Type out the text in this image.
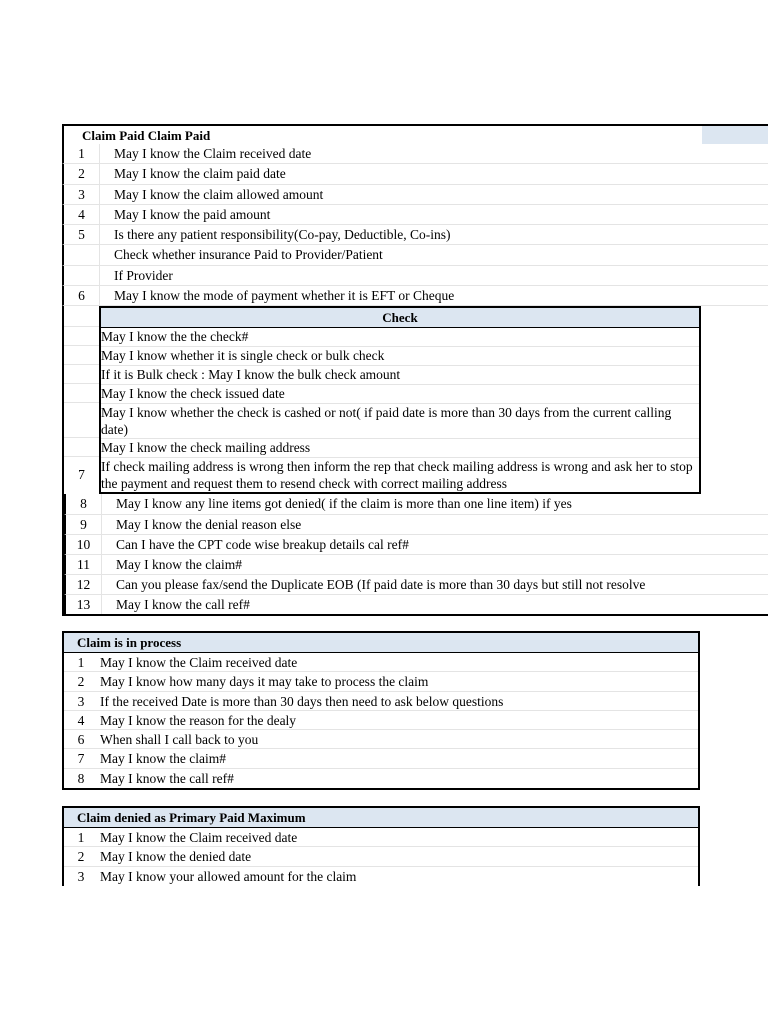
Claim Paid Claim Paid
1	May I know the Claim received date
2	May I know the claim paid date
3	May I know the claim allowed amount
4	May I know the paid amount
5	Is there any patient responsibility(Co-pay, Deductible, Co-ins)
Check whether insurance Paid to Provider/Patient
If Provider
6	May I know the mode of payment whether it is EFT or Cheque
7
Check
May I know the the check#
May I know whether it is single check or bulk check
If it is Bulk check : May I know the bulk check amount
May I know the check issued date
May I know whether the check is cashed or not( if paid date is more than 30 days from the current calling date)
May I know the check mailing address
If check mailing address is wrong then inform the rep that check mailing address is wrong and ask her to stop the payment and request them to resend check with correct mailing address
8	May I know any line items got denied( if the claim is more than one line item) if yes
9	May I know the denial reason else
10	Can I have the CPT code wise breakup details cal ref#
11	May I know the claim#
12	Can you please fax/send the Duplicate EOB (If paid date is more than 30 days but still not resolve
13	May I know the call ref#
Claim is in process
1	May I know the Claim received date
2	May I know how many days it may take to process the claim
3	If the received Date is more than 30 days then need to ask below questions
4	May I know the reason for the dealy
6	When shall I call back to you
7	May I know the claim#
8	May I know the call ref#
Claim denied as Primary Paid Maximum
1	May I know the Claim received date
2	May I know the denied date
3	May I know your allowed amount for the claim
